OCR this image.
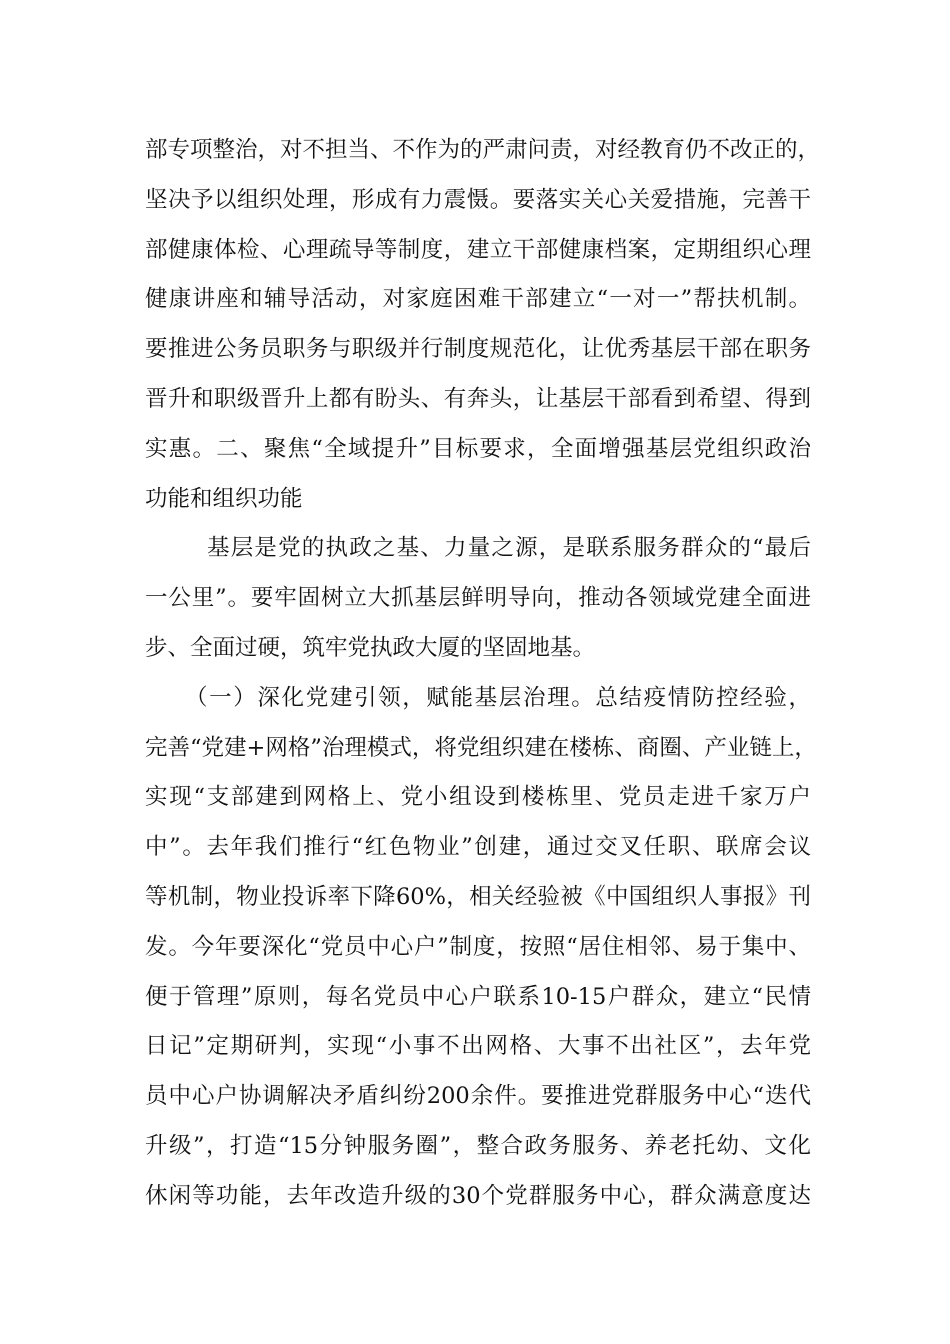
部专项整治，对不担当、不作为的严肃问责，对经教育仍不改正的，
坚决予以组织处理，形成有力震慑。要落实关心关爱措施，完善干
部健康体检、心理疏导等制度，建立干部健康档案，定期组织心理
健康讲座和辅导活动，对家庭困难干部建立“一对一”帮扶机制。
要推进公务员职务与职级并行制度规范化，让优秀基层干部在职务
晋升和职级晋升上都有盼头、有奔头，让基层干部看到希望、得到
实惠。二、聚焦“全域提升”目标要求，全面增强基层党组织政治
功能和组织功能
基层是党的执政之基、力量之源，是联系服务群众的“最后
一公里”。要牢固树立大抓基层鲜明导向，推动各领域党建全面进
步、全面过硬，筑牢党执政大厦的坚固地基。
（一）深化党建引领，赋能基层治理。总结疫情防控经验，
完善“党建+网格”治理模式，将党组织建在楼栋、商圈、产业链上，
实现“支部建到网格上、党小组设到楼栋里、党员走进千家万户
中”。去年我们推行“红色物业”创建，通过交叉任职、联席会议
等机制，物业投诉率下降60%，相关经验被《中国组织人事报》刊
发。今年要深化“党员中心户”制度，按照“居住相邻、易于集中、
便于管理”原则，每名党员中心户联系10-15户群众，建立“民情
日记”定期研判，实现“小事不出网格、大事不出社区”，去年党
员中心户协调解决矛盾纠纷200余件。要推进党群服务中心“迭代
升级”，打造“15分钟服务圈”，整合政务服务、养老托幼、文化
休闲等功能，去年改造升级的30个党群服务中心，群众满意度达
